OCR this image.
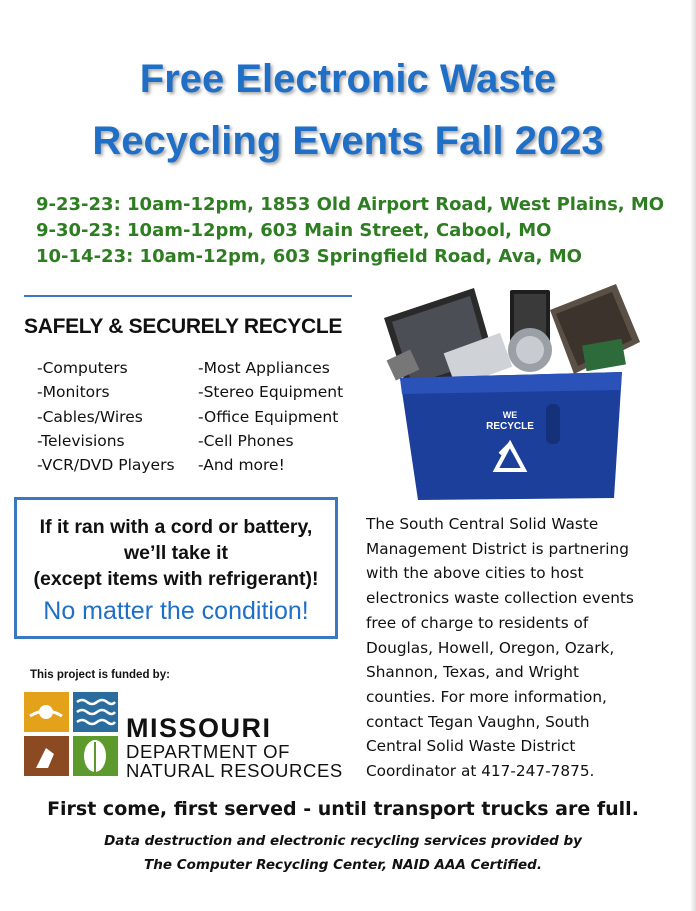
Free Electronic Waste
Recycling Events Fall 2023
9-23-23: 10am-12pm, 1853 Old Airport Road, West Plains, MO
9-30-23: 10am-12pm, 603 Main Street, Cabool, MO
10-14-23: 10am-12pm, 603 Springfield Road, Ava, MO
SAFELY & SECURELY RECYCLE
-Computers
-Monitors
-Cables/Wires
-Televisions
-VCR/DVD Players
-Most Appliances
-Stereo Equipment
-Office Equipment
-Cell Phones
-And more!
WE
RECYCLE
If it ran with a cord or battery,
we’ll take it
(except items with refrigerant)!
No matter the condition!
The South Central Solid Waste
Management District is partnering
with the above cities to host
electronics waste collection events
free of charge to residents of
Douglas, Howell, Oregon, Ozark,
Shannon, Texas, and Wright
counties. For more information,
contact Tegan Vaughn, South
Central Solid Waste District
Coordinator at 417-247-7875.
This project is funded by:
MISSOURI
DEPARTMENT OF
NATURAL RESOURCES
First come, first served - until transport trucks are full.
Data destruction and electronic recycling services provided by
The Computer Recycling Center, NAID AAA Certified.
